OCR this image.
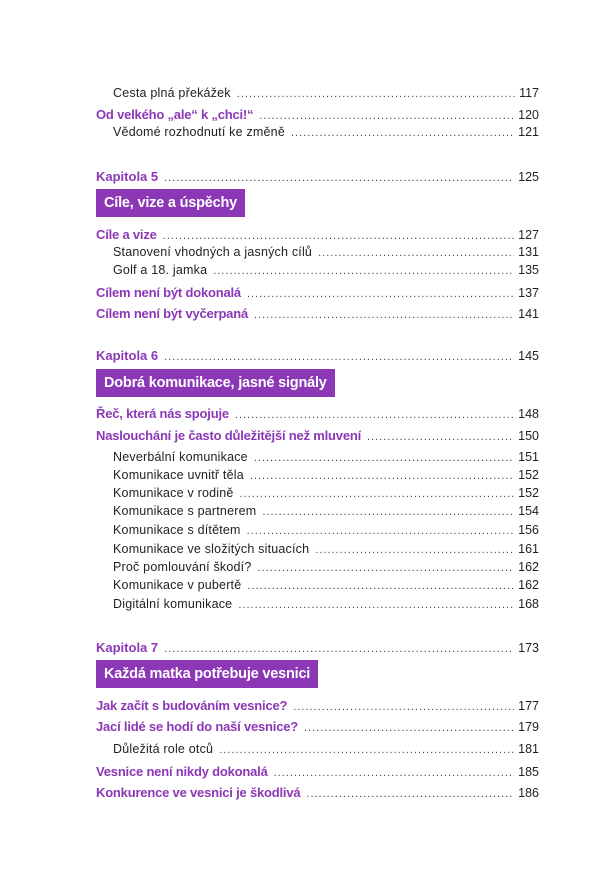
Cesta plná překážek .....	117
Od velkého „ale“ k „chci!“ .....	120
Vědomé rozhodnutí ke změně .....	121
Kapitola 5 .....	125
Cíle, vize a úspěchy
Cíle a vize .....	127
Stanovení vhodných a jasných cílů .....	131
Golf a 18. jamka .....	135
Cílem není být dokonalá .....	137
Cílem není být vyčerpaná .....	141
Kapitola 6 .....	145
Dobrá komunikace, jasné signály
Řeč, která nás spojuje .....	148
Naslouchání je často důležitější než mluvení .....	150
Neverbální komunikace .....	151
Komunikace uvnitř těla .....	152
Komunikace v rodině .....	152
Komunikace s partnerem .....	154
Komunikace s dítětem .....	156
Komunikace ve složitých situacích .....	161
Proč pomlouvání škodí? .....	162
Komunikace v pubertě .....	162
Digitální komunikace .....	168
Kapitola 7 .....	173
Každá matka potřebuje vesnici
Jak začít s budováním vesnice? .....	177
Jací lidé se hodí do naší vesnice? .....	179
Důležitá role otců .....	181
Vesnice není nikdy dokonalá .....	185
Konkurence ve vesnici je škodlivá .....	186
